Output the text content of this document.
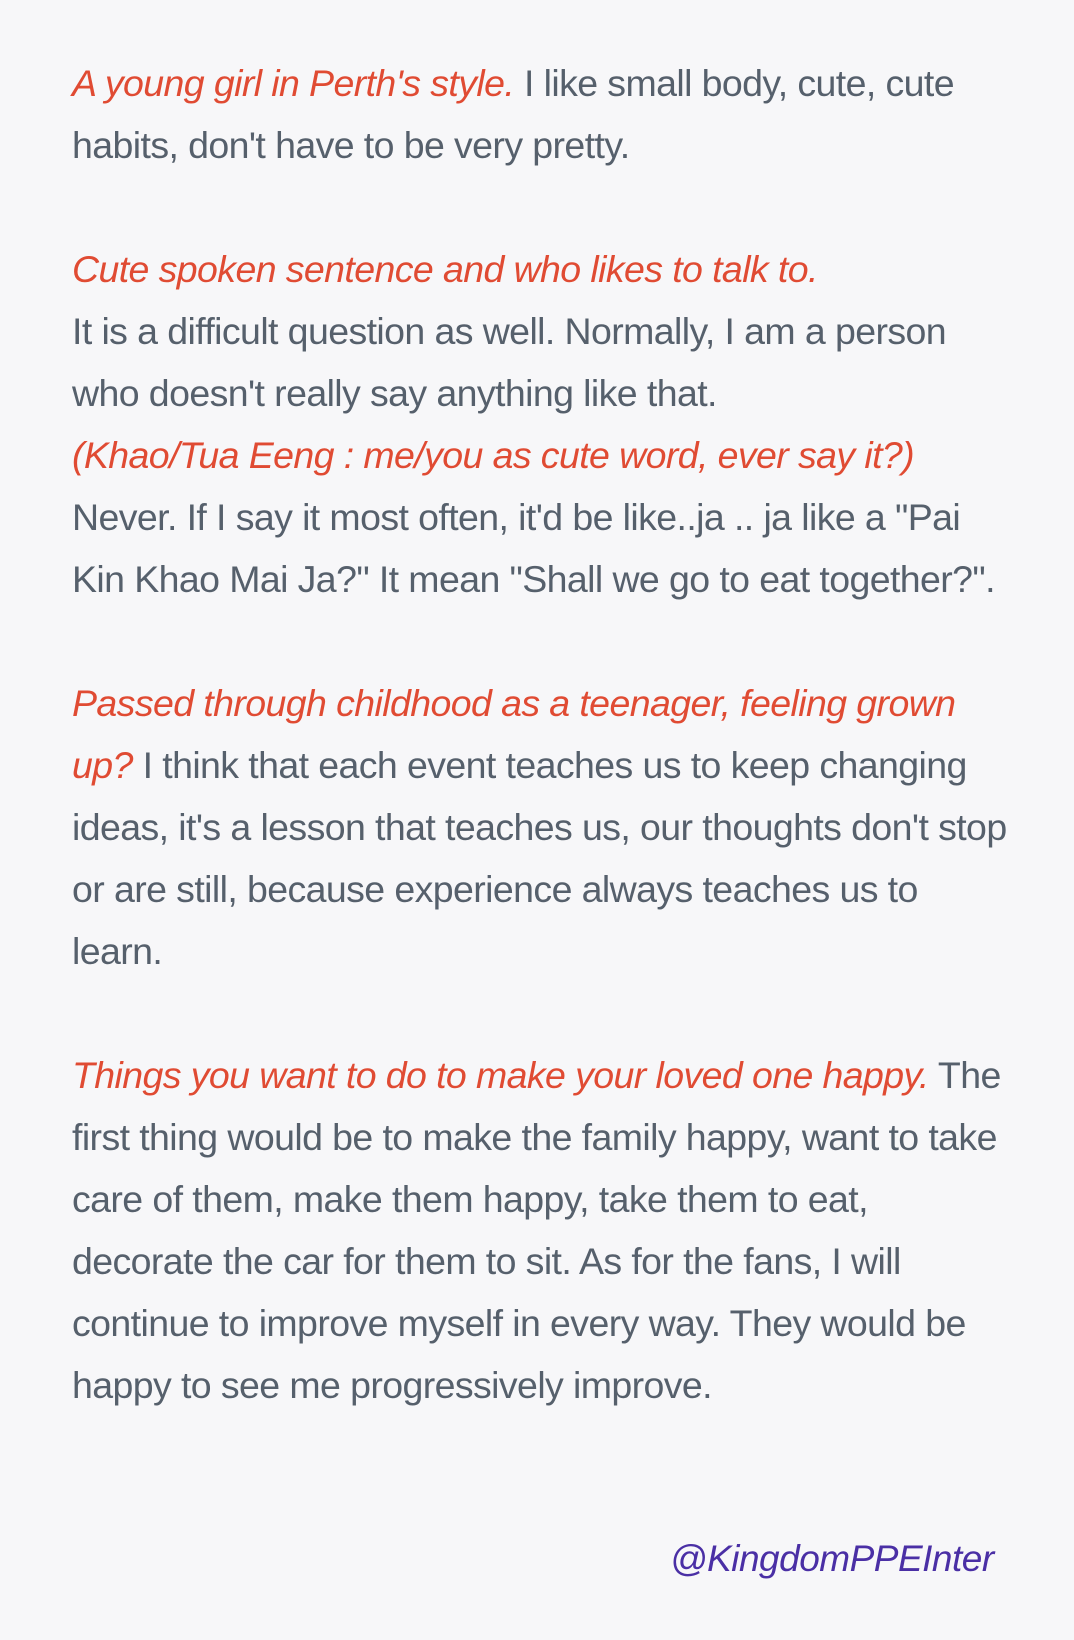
A young girl in Perth's style. I like small body, cute, cute habits, don't have to be very pretty.

Cute spoken sentence and who likes to talk to.
It is a difficult question as well. Normally, I am a person who doesn't really say anything like that.
(Khao/Tua Eeng : me/you as cute word, ever say it?)
Never. If I say it most often, it'd be like..ja .. ja like a "Pai Kin Khao Mai Ja?" It mean "Shall we go to eat together?".

Passed through childhood as a teenager, feeling grown up? I think that each event teaches us to keep changing ideas, it's a lesson that teaches us, our thoughts don't stop or are still, because experience always teaches us to learn.

Things you want to do to make your loved one happy. The first thing would be to make the family happy, want to take care of them, make them happy, take them to eat, decorate the car for them to sit. As for the fans, I will continue to improve myself in every way. They would be happy to see me progressively improve.

@KingdomPPEInter
